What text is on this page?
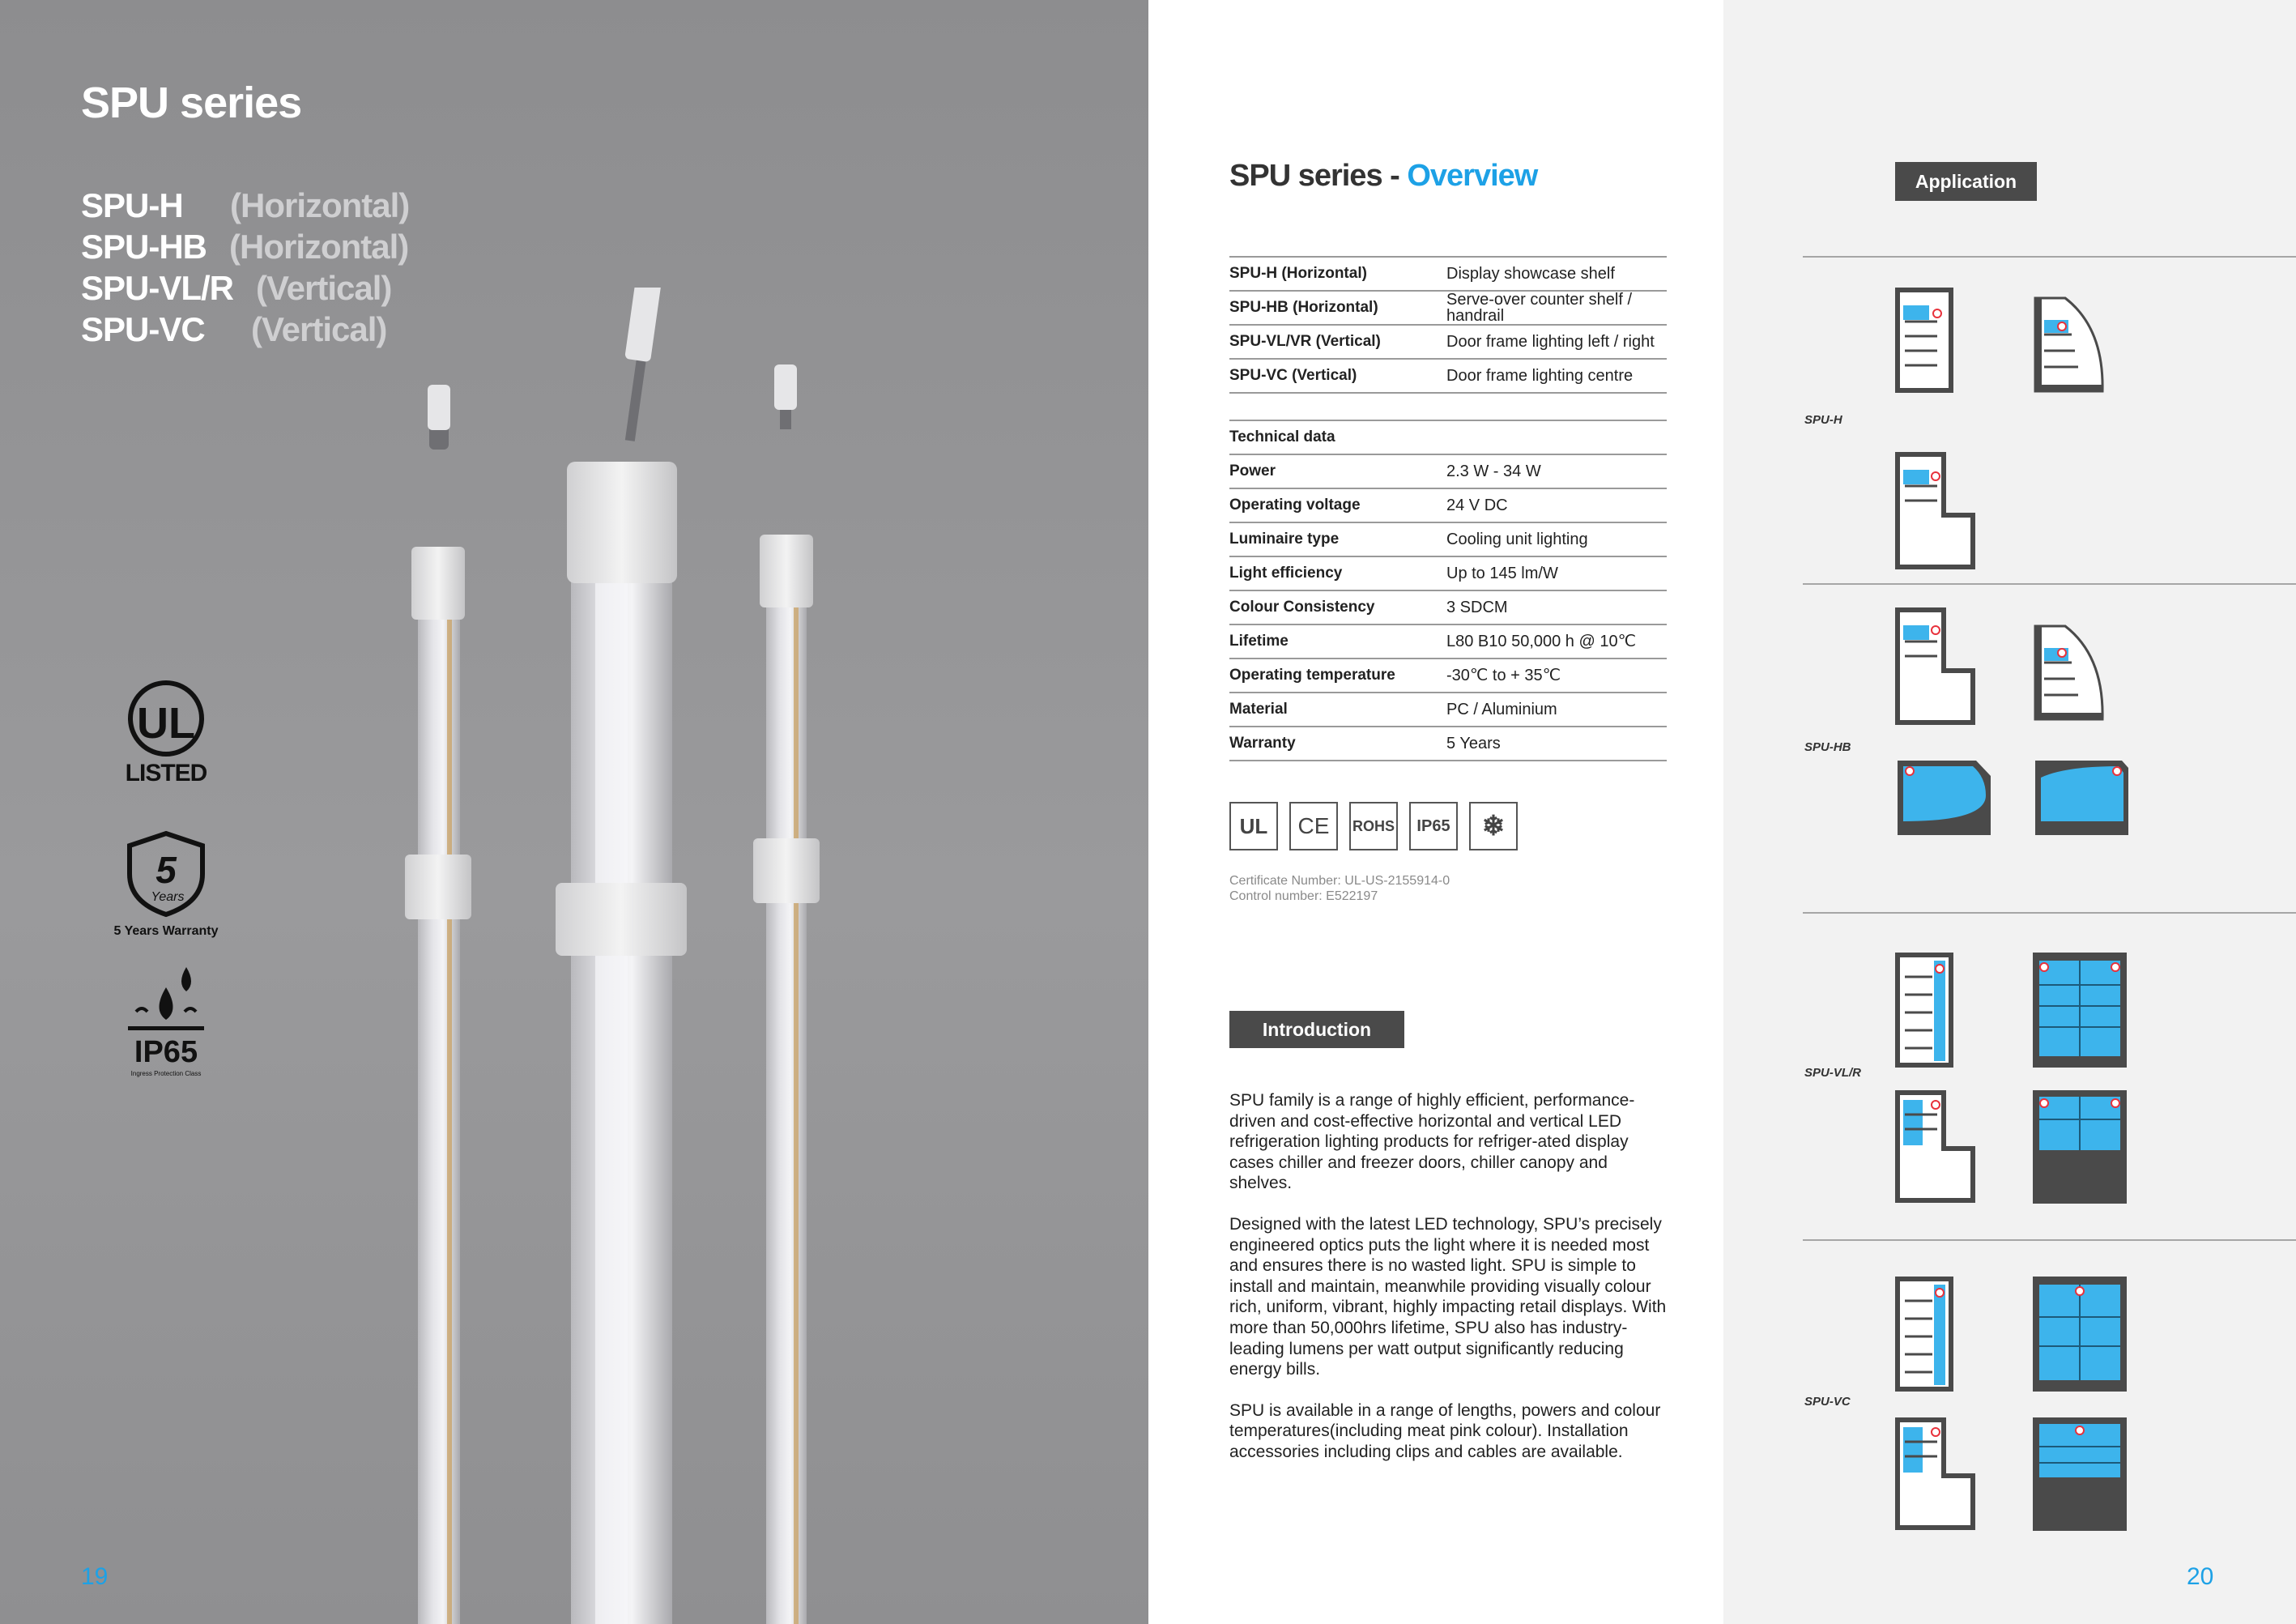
SPU series
SPU-H (Horizontal)
SPU-HB (Horizontal)
SPU-VL/R (Vertical)
SPU-VC (Vertical)
UL
LISTED
5
Years
5 Years Warranty
IP65
Ingress Protection Class
19
SPU series - Overview
SPU-H (Horizontal)	Display showcase shelf
SPU-HB (Horizontal)	Serve-over counter shelf / handrail
SPU-VL/VR (Vertical)	Door frame lighting left / right
SPU-VC (Vertical)	Door frame lighting centre
Technical data	
Power	2.3 W - 34 W
Operating voltage	24 V DC
Luminaire type	Cooling unit lighting
Light efficiency	Up to 145 lm/W
Colour Consistency	3 SDCM
Lifetime	L80 B10 50,000 h @ 10℃
Operating temperature	-30℃ to + 35℃
Material	PC / Aluminium
Warranty	5 Years
UL	CE	ROHS	IP65	❄
Certificate Number: UL-US-2155914-0
Control number: E522197
Introduction

SPU family is a range of highly efficient, performance-driven and cost-effective horizontal and vertical LED refrigeration lighting products for refriger-ated display cases chiller and freezer doors, chiller canopy and shelves.

Designed with the latest LED technology, SPU’s precisely engineered optics puts the light where it is needed most and ensures there is no wasted light. SPU is simple to install and maintain, meanwhile providing visually colour rich, uniform, vibrant, highly impacting retail displays. With more than 50,000hrs lifetime, SPU also has industry- leading lumens per watt output significantly reducing energy bills.

SPU is available in a range of lengths, powers and colour temperatures(including meat pink colour). Installation accessories including clips and cables are available.

Application
SPU-H
SPU-HB
SPU-VL/R
SPU-VC
20
